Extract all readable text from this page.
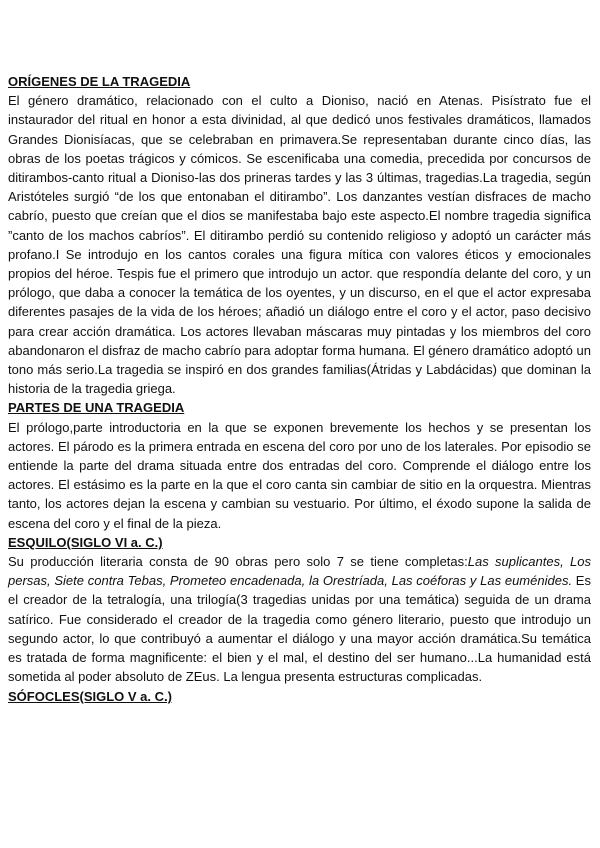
ORÍGENES DE LA TRAGEDIA

El género dramático, relacionado con el culto a Dioniso, nació en Atenas. Pisístrato fue el instaurador del ritual en honor a esta divinidad, al que dedicó unos festivales dramáticos, llamados Grandes Dionisíacas, que se celebraban en primavera.Se representaban durante cinco días, las obras de los poetas trágicos y cómicos. Se escenificaba una comedia, precedida por concursos de ditirambos-canto ritual a Dioniso-las dos prineras tardes y las 3 últimas, tragedias.La tragedia, según Aristóteles surgió “de los que entonaban el ditirambo”. Los danzantes vestían disfraces de macho cabrío, puesto que creían que el dios se manifestaba bajo este aspecto.El nombre tragedia significa ”canto de los machos cabríos”. El ditirambo perdió su contenido religioso y adoptó un carácter más profano.I Se introdujo en los cantos corales una figura mítica con valores éticos y emocionales propios del héroe. Tespis fue el primero que introdujo un actor. que respondía delante del coro, y un prólogo, que daba a conocer la temática de los oyentes, y un discurso, en el que el actor expresaba diferentes pasajes de la vida de los héroes; añadió un diálogo entre el coro y el actor, paso decisivo para crear acción dramática. Los actores llevaban máscaras muy pintadas y los miembros del coro abandonaron el disfraz de macho cabrío para adoptar forma humana. El género dramático adoptó un tono más serio.La tragedia se inspiró en dos grandes familias(Átridas y Labdácidas) que dominan la historia de la tragedia griega.

PARTES DE UNA TRAGEDIA

El prólogo,parte introductoria en la que se exponen brevemente los hechos y se presentan los actores. El párodo es la primera entrada en escena del coro por uno de los laterales. Por episodio se entiende la parte del drama situada entre dos entradas del coro. Comprende el diálogo entre los actores. El estásimo es la parte en la que el coro canta sin cambiar de sitio en la orquestra. Mientras tanto, los actores dejan la escena y cambian su vestuario. Por último, el éxodo supone la salida de escena del coro y el final de la pieza.

ESQUILO(SIGLO VI a. C.)

Su producción literaria consta de 90 obras pero solo 7 se tiene completas:Las suplicantes, Los persas, Siete contra Tebas, Prometeo encadenada, la Orestríada, Las coéforas y Las euménides. Es el creador de la tetralogía, una trilogía(3 tragedias unidas por una temática) seguida de un drama satírico. Fue considerado el creador de la tragedia como género literario, puesto que introdujo un segundo actor, lo que contribuyó a aumentar el diálogo y una mayor acción dramática.Su temática es tratada de forma magnificente: el bien y el mal, el destino del ser humano...La humanidad está sometida al poder absoluto de ZEus. La lengua presenta estructuras complicadas.

SÓFOCLES(SIGLO V a. C.)
